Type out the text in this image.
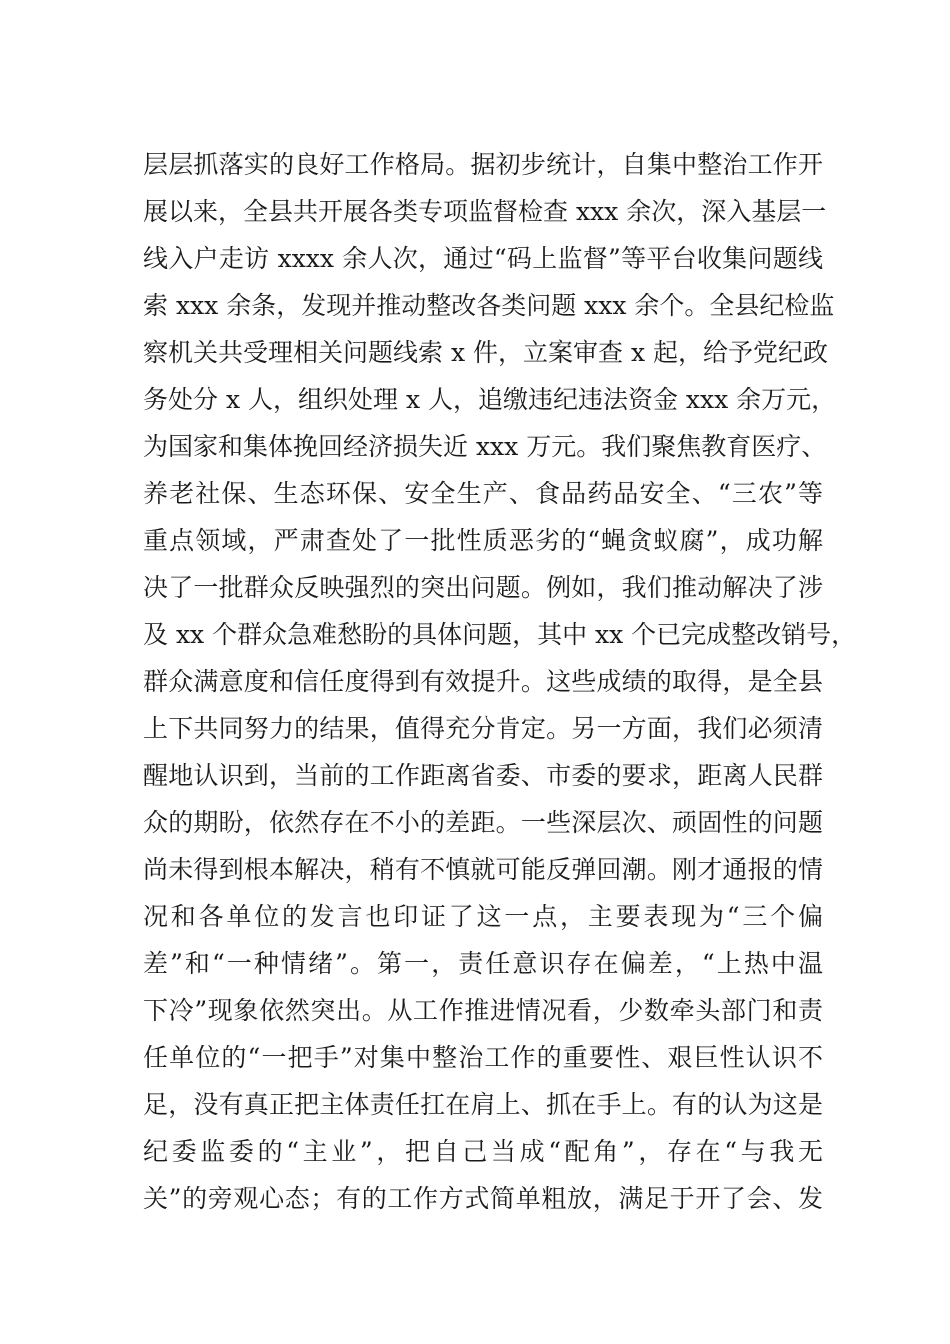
层层抓落实的良好工作格局。据初步统计，自集中整治工作开
展以来，全县共开展各类专项监督检查 xxx 余次，深入基层一
线入户走访 xxxx 余人次，通过“码上监督”等平台收集问题线
索 xxx 余条，发现并推动整改各类问题 xxx 余个。全县纪检监
察机关共受理相关问题线索 x 件，立案审查 x 起，给予党纪政
务处分 x 人，组织处理 x 人，追缴违纪违法资金 xxx 余万元，
为国家和集体挽回经济损失近 xxx 万元。我们聚焦教育医疗、
养老社保、生态环保、安全生产、食品药品安全、“三农”等
重点领域，严肃查处了一批性质恶劣的“蝇贪蚁腐”，成功解
决了一批群众反映强烈的突出问题。例如，我们推动解决了涉
及 xx 个群众急难愁盼的具体问题，其中 xx 个已完成整改销号，
群众满意度和信任度得到有效提升。这些成绩的取得，是全县
上下共同努力的结果，值得充分肯定。另一方面，我们必须清
醒地认识到，当前的工作距离省委、市委的要求，距离人民群
众的期盼，依然存在不小的差距。一些深层次、顽固性的问题
尚未得到根本解决，稍有不慎就可能反弹回潮。刚才通报的情
况和各单位的发言也印证了这一点，主要表现为“三个偏
差”和“一种情绪”。第一，责任意识存在偏差，“上热中温
下冷”现象依然突出。从工作推进情况看，少数牵头部门和责
任单位的“一把手”对集中整治工作的重要性、艰巨性认识不
足，没有真正把主体责任扛在肩上、抓在手上。有的认为这是
纪委监委的“主业”，把自己当成“配角”，存在“与我无
关”的旁观心态；有的工作方式简单粗放，满足于开了会、发
